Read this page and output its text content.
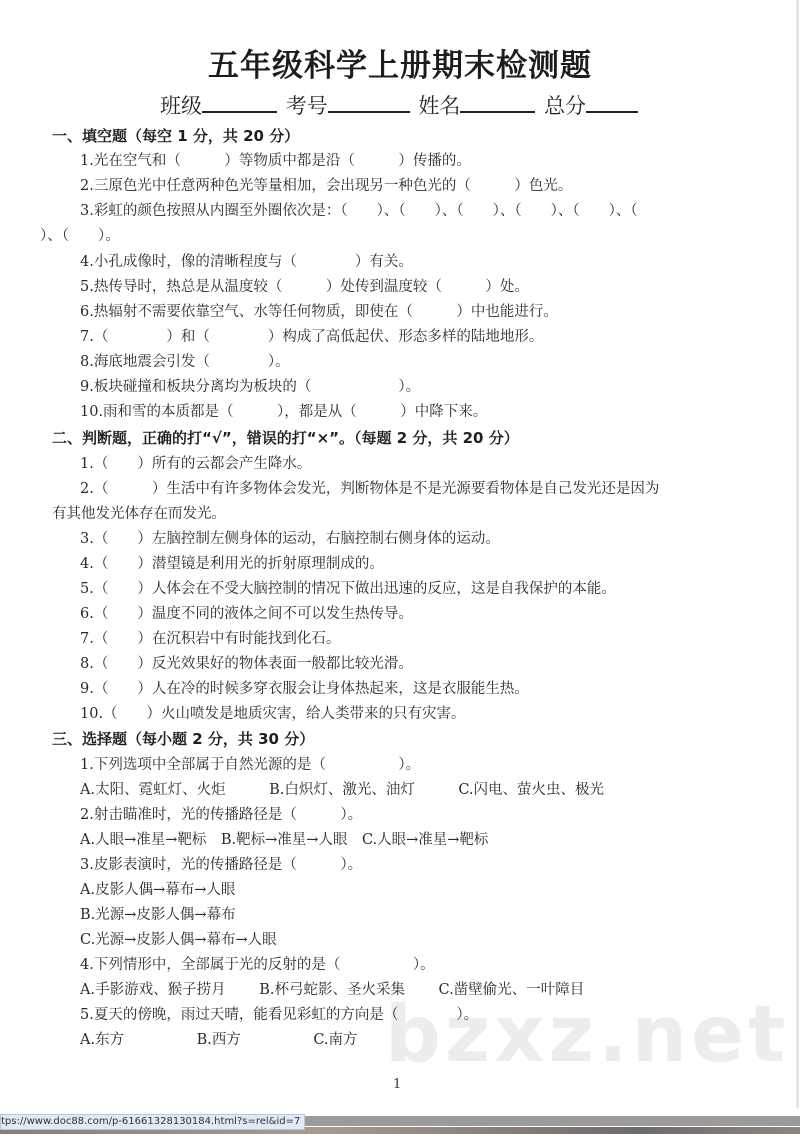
bzxz.net
五年级科学上册期末检测题
班级	考号	姓名	总分
一、填空题（每空 1 分，共 20 分）
1.光在空气和（　　　）等物质中都是沿（　　　）传播的。
2.三原色光中任意两种色光等量相加，会出现另一种色光的（　　　）色光。
3.彩虹的颜色按照从内圈至外圈依次是：（　　）、（　　）、（　　）、（　　）、（　　）、（
）、（　　）。
4.小孔成像时，像的清晰程度与（　　　　）有关。
5.热传导时，热总是从温度较（　　　）处传到温度较（　　　）处。
6.热辐射不需要依靠空气、水等任何物质，即使在（　　　）中也能进行。
7.（　　　　）和（　　　　）构成了高低起伏、形态多样的陆地地形。
8.海底地震会引发（　　　　）。
9.板块碰撞和板块分离均为板块的（　　　　　　）。
10.雨和雪的本质都是（　　　），都是从（　　　）中降下来。
二、判断题，正确的打“√”，错误的打“×”。（每题 2 分，共 20 分）
1.（　　）所有的云都会产生降水。
2.（　　　）生活中有许多物体会发光，判断物体是不是光源要看物体是自己发光还是因为
有其他发光体存在而发光。
3.（　　）左脑控制左侧身体的运动，右脑控制右侧身体的运动。
4.（　　）潜望镜是利用光的折射原理制成的。
5.（　　）人体会在不受大脑控制的情况下做出迅速的反应，这是自我保护的本能。
6.（　　）温度不同的液体之间不可以发生热传导。
7.（　　）在沉积岩中有时能找到化石。
8.（　　）反光效果好的物体表面一般都比较光滑。
9.（　　）人在冷的时候多穿衣服会让身体热起来，这是衣服能生热。
10.（　　）火山喷发是地质灾害，给人类带来的只有灾害。
三、选择题（每小题 2 分，共 30 分）
1.下列选项中全部属于自然光源的是（　　　　　）。
A.太阳、霓虹灯、火炬　　　B.白炽灯、激光、油灯　　　C.闪电、萤火虫、极光
2.射击瞄准时，光的传播路径是（　　　）。
A.人眼→准星→靶标　B.靶标→准星→人眼　C.人眼→准星→靶标
3.皮影表演时，光的传播路径是（　　　）。
A.皮影人偶→幕布→人眼
B.光源→皮影人偶→幕布
C.光源→皮影人偶→幕布→人眼
4.下列情形中，全部属于光的反射的是（　　　　　）。
A.手影游戏、猴子捞月　　 B.杯弓蛇影、圣火采集　　 C.凿壁偷光、一叶障目
5.夏天的傍晚，雨过天晴，能看见彩虹的方向是（　　　　）。
A.东方　　　　　B.西方　　　　　C.南方
1
tps://www.doc88.com/p-61661328130184.html?s=rel&id=7
